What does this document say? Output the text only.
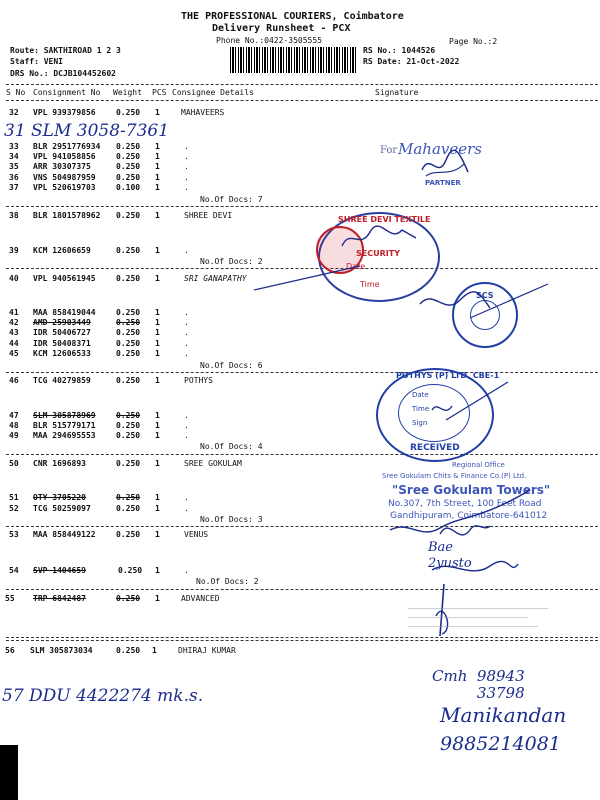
THE PROFESSIONAL COURIERS, Coimbatore
Delivery Runsheet - PCX
Phone No.:0422-3505555	Page No.:2
Route: SAKTHIROAD 1 2 3
Staff: VENI
DRS No.: DCJB104452602
RS No.: 1044526
RS Date: 21-Oct-2022
S No Consignment No Weight PCS Consignee Details	Signature
32 VPL 939379856	0.250 1	MAHAVEERS
31 SLM 3058-7361
33 BLR 2951776934 0.250 1	.
34 VPL 941058856	0.250 1	.
35 ARR 30307375	0.250 1	.
36 VNS 504987959	0.250 1	.
37 VPL 520619703	0.100 1	.
No.Of Docs: 7
For Mahaveers
PARTNER
38 BLR 1801578962 0.250 1	SHREE DEVI
39 KCM 12606659	0.250 1	.
No.Of Docs: 2
SHREE DEVI TEXTILE
SECURITY
Date
Time
40 VPL 940561945	0.250 1	SRI GANAPATHY
41 MAA 858419044	0.250 1	.
42 AMD 25903449	0.250 1	.
43 IDR 50406727	0.250 1	.
44 IDR 50408371	0.250 1	.
45 KCM 12606533	0.250 1	.
No.Of Docs: 6
SCS
46 TCG 40279859	0.250 1	POTHYS
47 SLM 305878969	0.250 1	.
48 BLR 515779171	0.250 1	.
49 MAA 294695553	0.250 1	.
No.Of Docs: 4
POTHYS (P) LTD. CBE-1
Date
Time
Sign
RECEIVED
50 CNR 1696893	0.250 1	SREE GOKULAM
51 OTY 3705220	0.250 1	.
52 TCG 50259097	0.250 1	.
No.Of Docs: 3
Regional Office
Sree Gokulam Chits & Finance Co.(P) Ltd.
"Sree Gokulam Towers"
No.307, 7th Street, 100 Feet Road
Gandhipuram, Coimbatore-641012
53 MAA 858449122	0.250 1	VENUS
54 SVP 1404659	0.250 1	.
No.Of Docs: 2
Bae
2yusto
55 TRP 6842487	0.250 1	ADVANCED
56 SLM 305873034	0.250 1	DHIRAJ KUMAR
57 DDU 4422274 mk.s.
Cmh  98943
33798
Manikandan
9885214081
